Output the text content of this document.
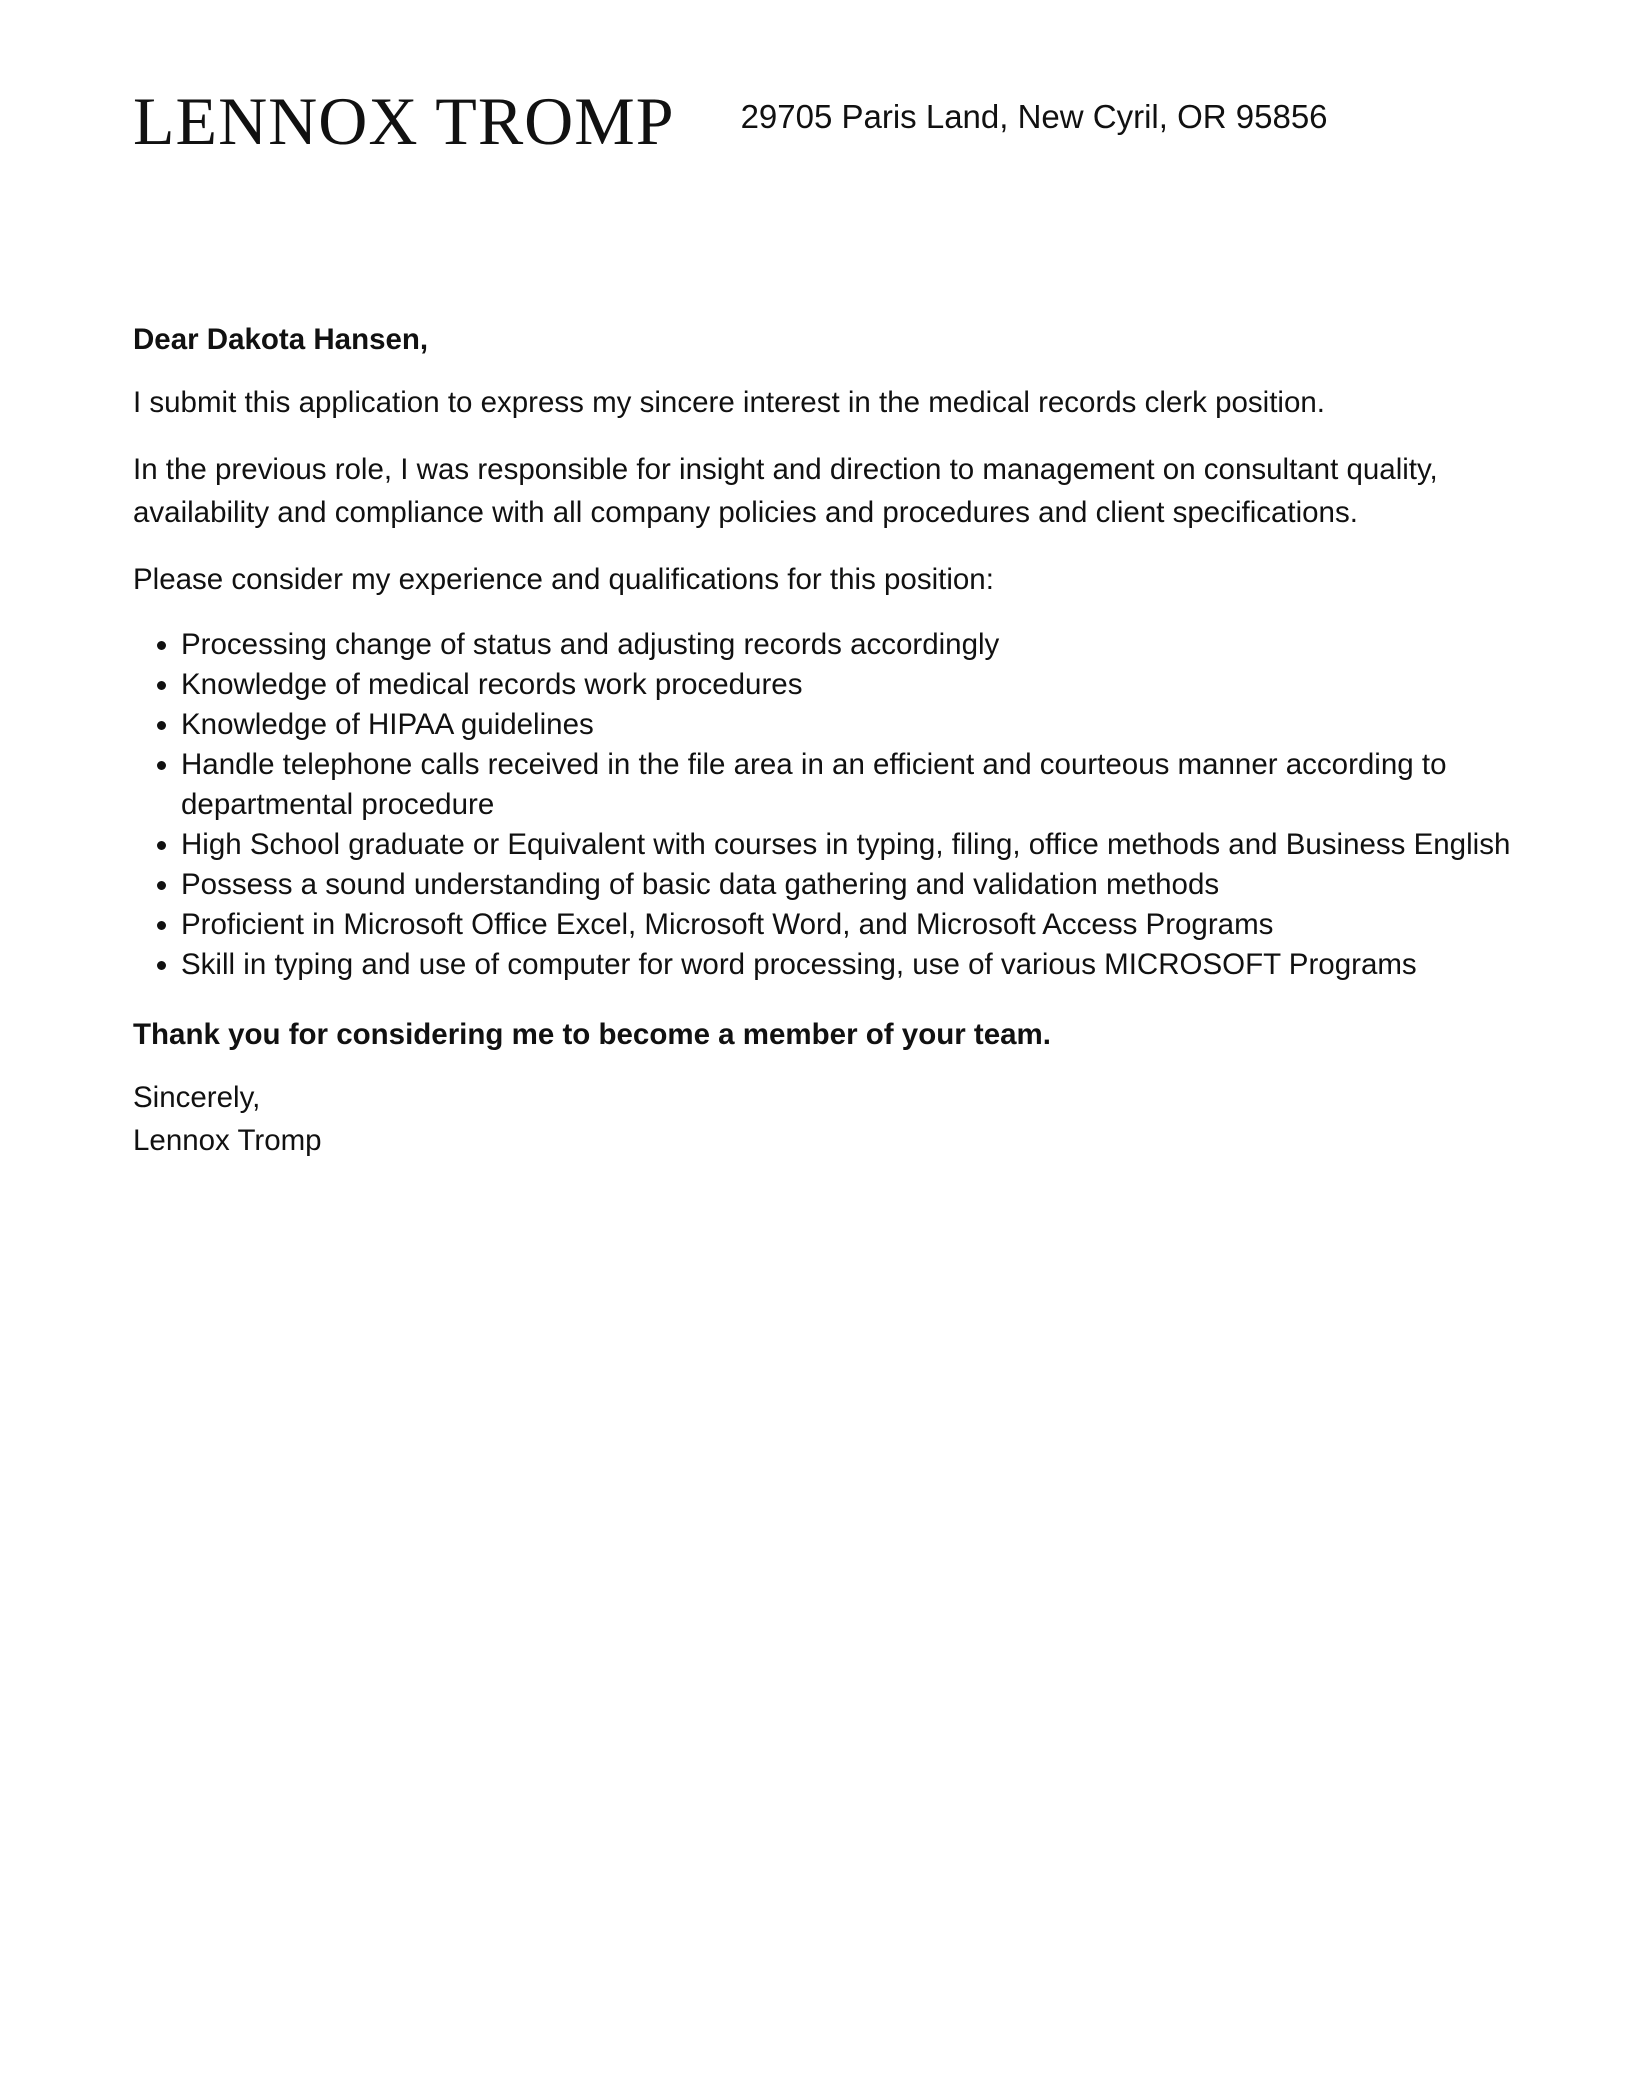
LENNOX TROMP 29705 Paris Land, New Cyril, OR 95856

Dear Dakota Hansen,

I submit this application to express my sincere interest in the medical records clerk position.

In the previous role, I was responsible for insight and direction to management on consultant quality, availability and compliance with all company policies and procedures and client specifications.

Please consider my experience and qualifications for this position:

• Processing change of status and adjusting records accordingly
• Knowledge of medical records work procedures
• Knowledge of HIPAA guidelines
• Handle telephone calls received in the file area in an efficient and courteous manner according to departmental procedure
• High School graduate or Equivalent with courses in typing, filing, office methods and Business English
• Possess a sound understanding of basic data gathering and validation methods
• Proficient in Microsoft Office Excel, Microsoft Word, and Microsoft Access Programs
• Skill in typing and use of computer for word processing, use of various MICROSOFT Programs

Thank you for considering me to become a member of your team.

Sincerely,
Lennox Tromp
